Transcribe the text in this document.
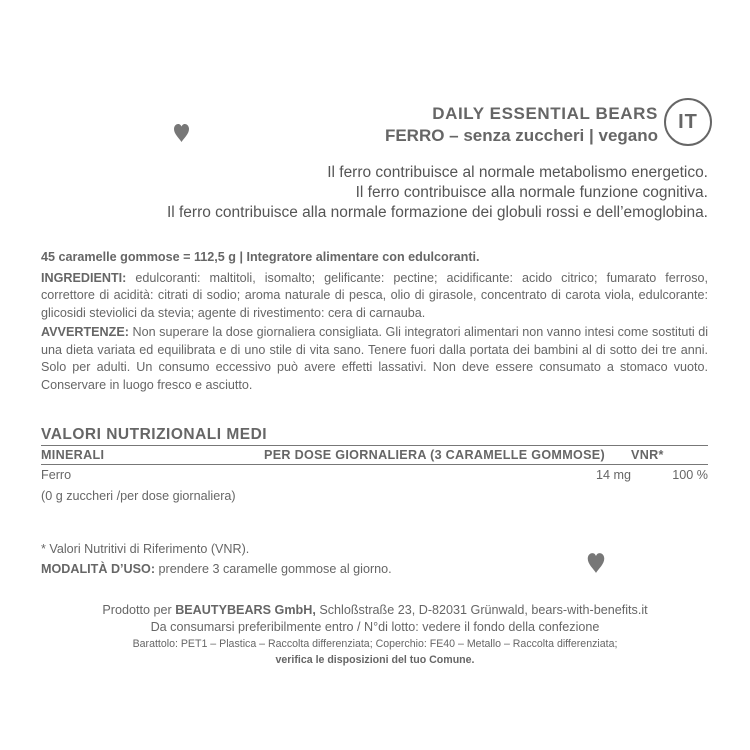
DAILY ESSENTIAL BEARS
FERRO – senza zuccheri | vegano
IT
Il ferro contribuisce al normale metabolismo energetico.
Il ferro contribuisce alla normale funzione cognitiva.
Il ferro contribuisce alla normale formazione dei globuli rossi e dell’emoglobina.

45 caramelle gommose = 112,5 g | Integratore alimentare con edulcoranti.

INGREDIENTI: edulcoranti: maltitoli, isomalto; gelificante: pectine; acidificante: acido citrico; fumarato ferroso, correttore di acidità: citrati di sodio; aroma naturale di pesca, olio di girasole, concentrato di carota viola, edulcorante: glicosidi steviolici da stevia; agente di rivestimento: cera di carnauba.

AVVERTENZE: Non superare la dose giornaliera consigliata. Gli integratori alimentari non vanno intesi come sostituti di una dieta variata ed equilibrata e di uno stile di vita sano. Tenere fuori dalla portata dei bambini al di sotto dei tre anni. Solo per adulti. Un consumo eccessivo può avere effetti lassativi. Non deve essere consumato a stomaco vuoto. Conservare in luogo fresco e asciutto.

VALORI NUTRIZIONALI MEDI
MINERALI	PER DOSE GIORNALIERA (3 CARAMELLE GOMMOSE)	VNR*
Ferro	14 mg	100 %
(0 g zuccheri /per dose giornaliera)		
* Valori Nutritivi di Riferimento (VNR).
MODALITÀ D’USO: prendere 3 caramelle gommose al giorno.
Prodotto per BEAUTYBEARS GmbH, Schloßstraße 23, D-82031 Grünwald, bears-with-benefits.it
Da consumarsi preferibilmente entro / N°di lotto: vedere il fondo della confezione
Barattolo: PET1 – Plastica – Raccolta differenziata; Coperchio: FE40 – Metallo – Raccolta differenziata;
verifica le disposizioni del tuo Comune.
